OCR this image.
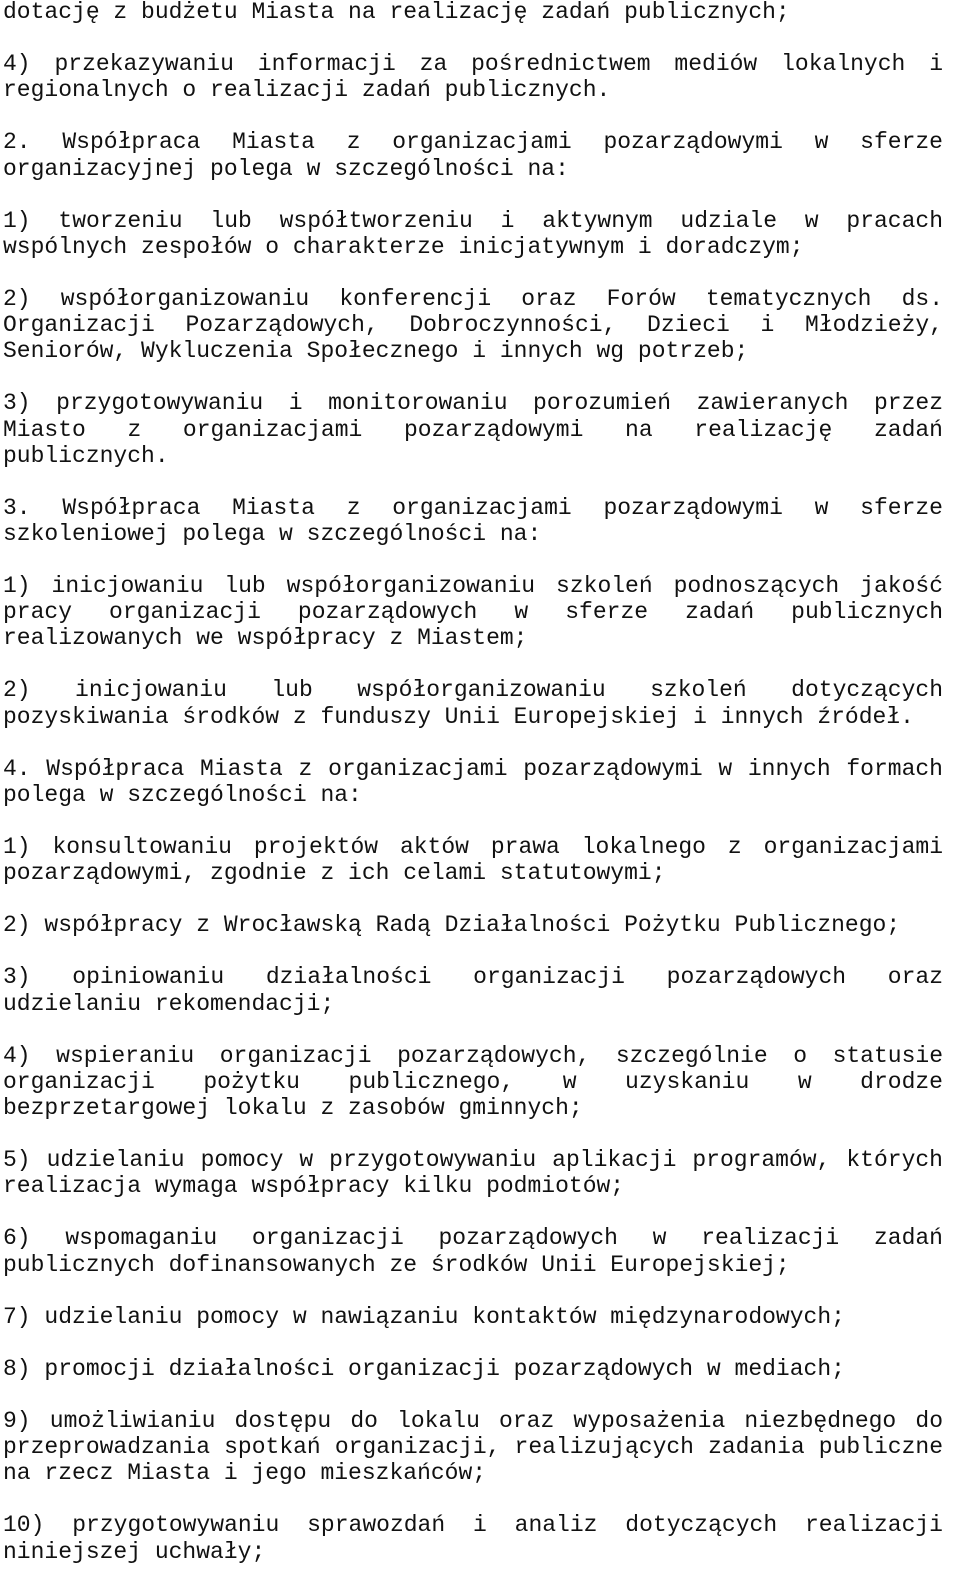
dotację z budżetu Miasta na realizację zadań publicznych;
4) przekazywaniu informacji za pośrednictwem mediów lokalnych i
regionalnych o realizacji zadań publicznych.
2. Współpraca Miasta z organizacjami pozarządowymi w sferze
organizacyjnej polega w szczególności na:
1) tworzeniu lub współtworzeniu i aktywnym udziale w pracach
wspólnych zespołów o charakterze inicjatywnym i doradczym;
2) współorganizowaniu konferencji oraz Forów tematycznych ds.
Organizacji Pozarządowych, Dobroczynności, Dzieci i Młodzieży,
Seniorów, Wykluczenia Społecznego i innych wg potrzeb;
3) przygotowywaniu i monitorowaniu porozumień zawieranych przez
Miasto z organizacjami pozarządowymi na realizację zadań
publicznych.
3. Współpraca Miasta z organizacjami pozarządowymi w sferze
szkoleniowej polega w szczególności na:
1) inicjowaniu lub współorganizowaniu szkoleń podnoszących jakość
pracy organizacji pozarządowych w sferze zadań publicznych
realizowanych we współpracy z Miastem;
2) inicjowaniu lub współorganizowaniu szkoleń dotyczących
pozyskiwania środków z funduszy Unii Europejskiej i innych źródeł.
4. Współpraca Miasta z organizacjami pozarządowymi w innych formach
polega w szczególności na:
1) konsultowaniu projektów aktów prawa lokalnego z organizacjami
pozarządowymi, zgodnie z ich celami statutowymi;
2) współpracy z Wrocławską Radą Działalności Pożytku Publicznego;
3) opiniowaniu działalności organizacji pozarządowych oraz
udzielaniu rekomendacji;
4) wspieraniu organizacji pozarządowych, szczególnie o statusie
organizacji pożytku publicznego, w uzyskaniu w drodze
bezprzetargowej lokalu z zasobów gminnych;
5) udzielaniu pomocy w przygotowywaniu aplikacji programów, których
realizacja wymaga współpracy kilku podmiotów;
6) wspomaganiu organizacji pozarządowych w realizacji zadań
publicznych dofinansowanych ze środków Unii Europejskiej;
7) udzielaniu pomocy w nawiązaniu kontaktów międzynarodowych;
8) promocji działalności organizacji pozarządowych w mediach;
9) umożliwianiu dostępu do lokalu oraz wyposażenia niezbędnego do
przeprowadzania spotkań organizacji, realizujących zadania publiczne
na rzecz Miasta i jego mieszkańców;
10) przygotowywaniu sprawozdań i analiz dotyczących realizacji
niniejszej uchwały;
